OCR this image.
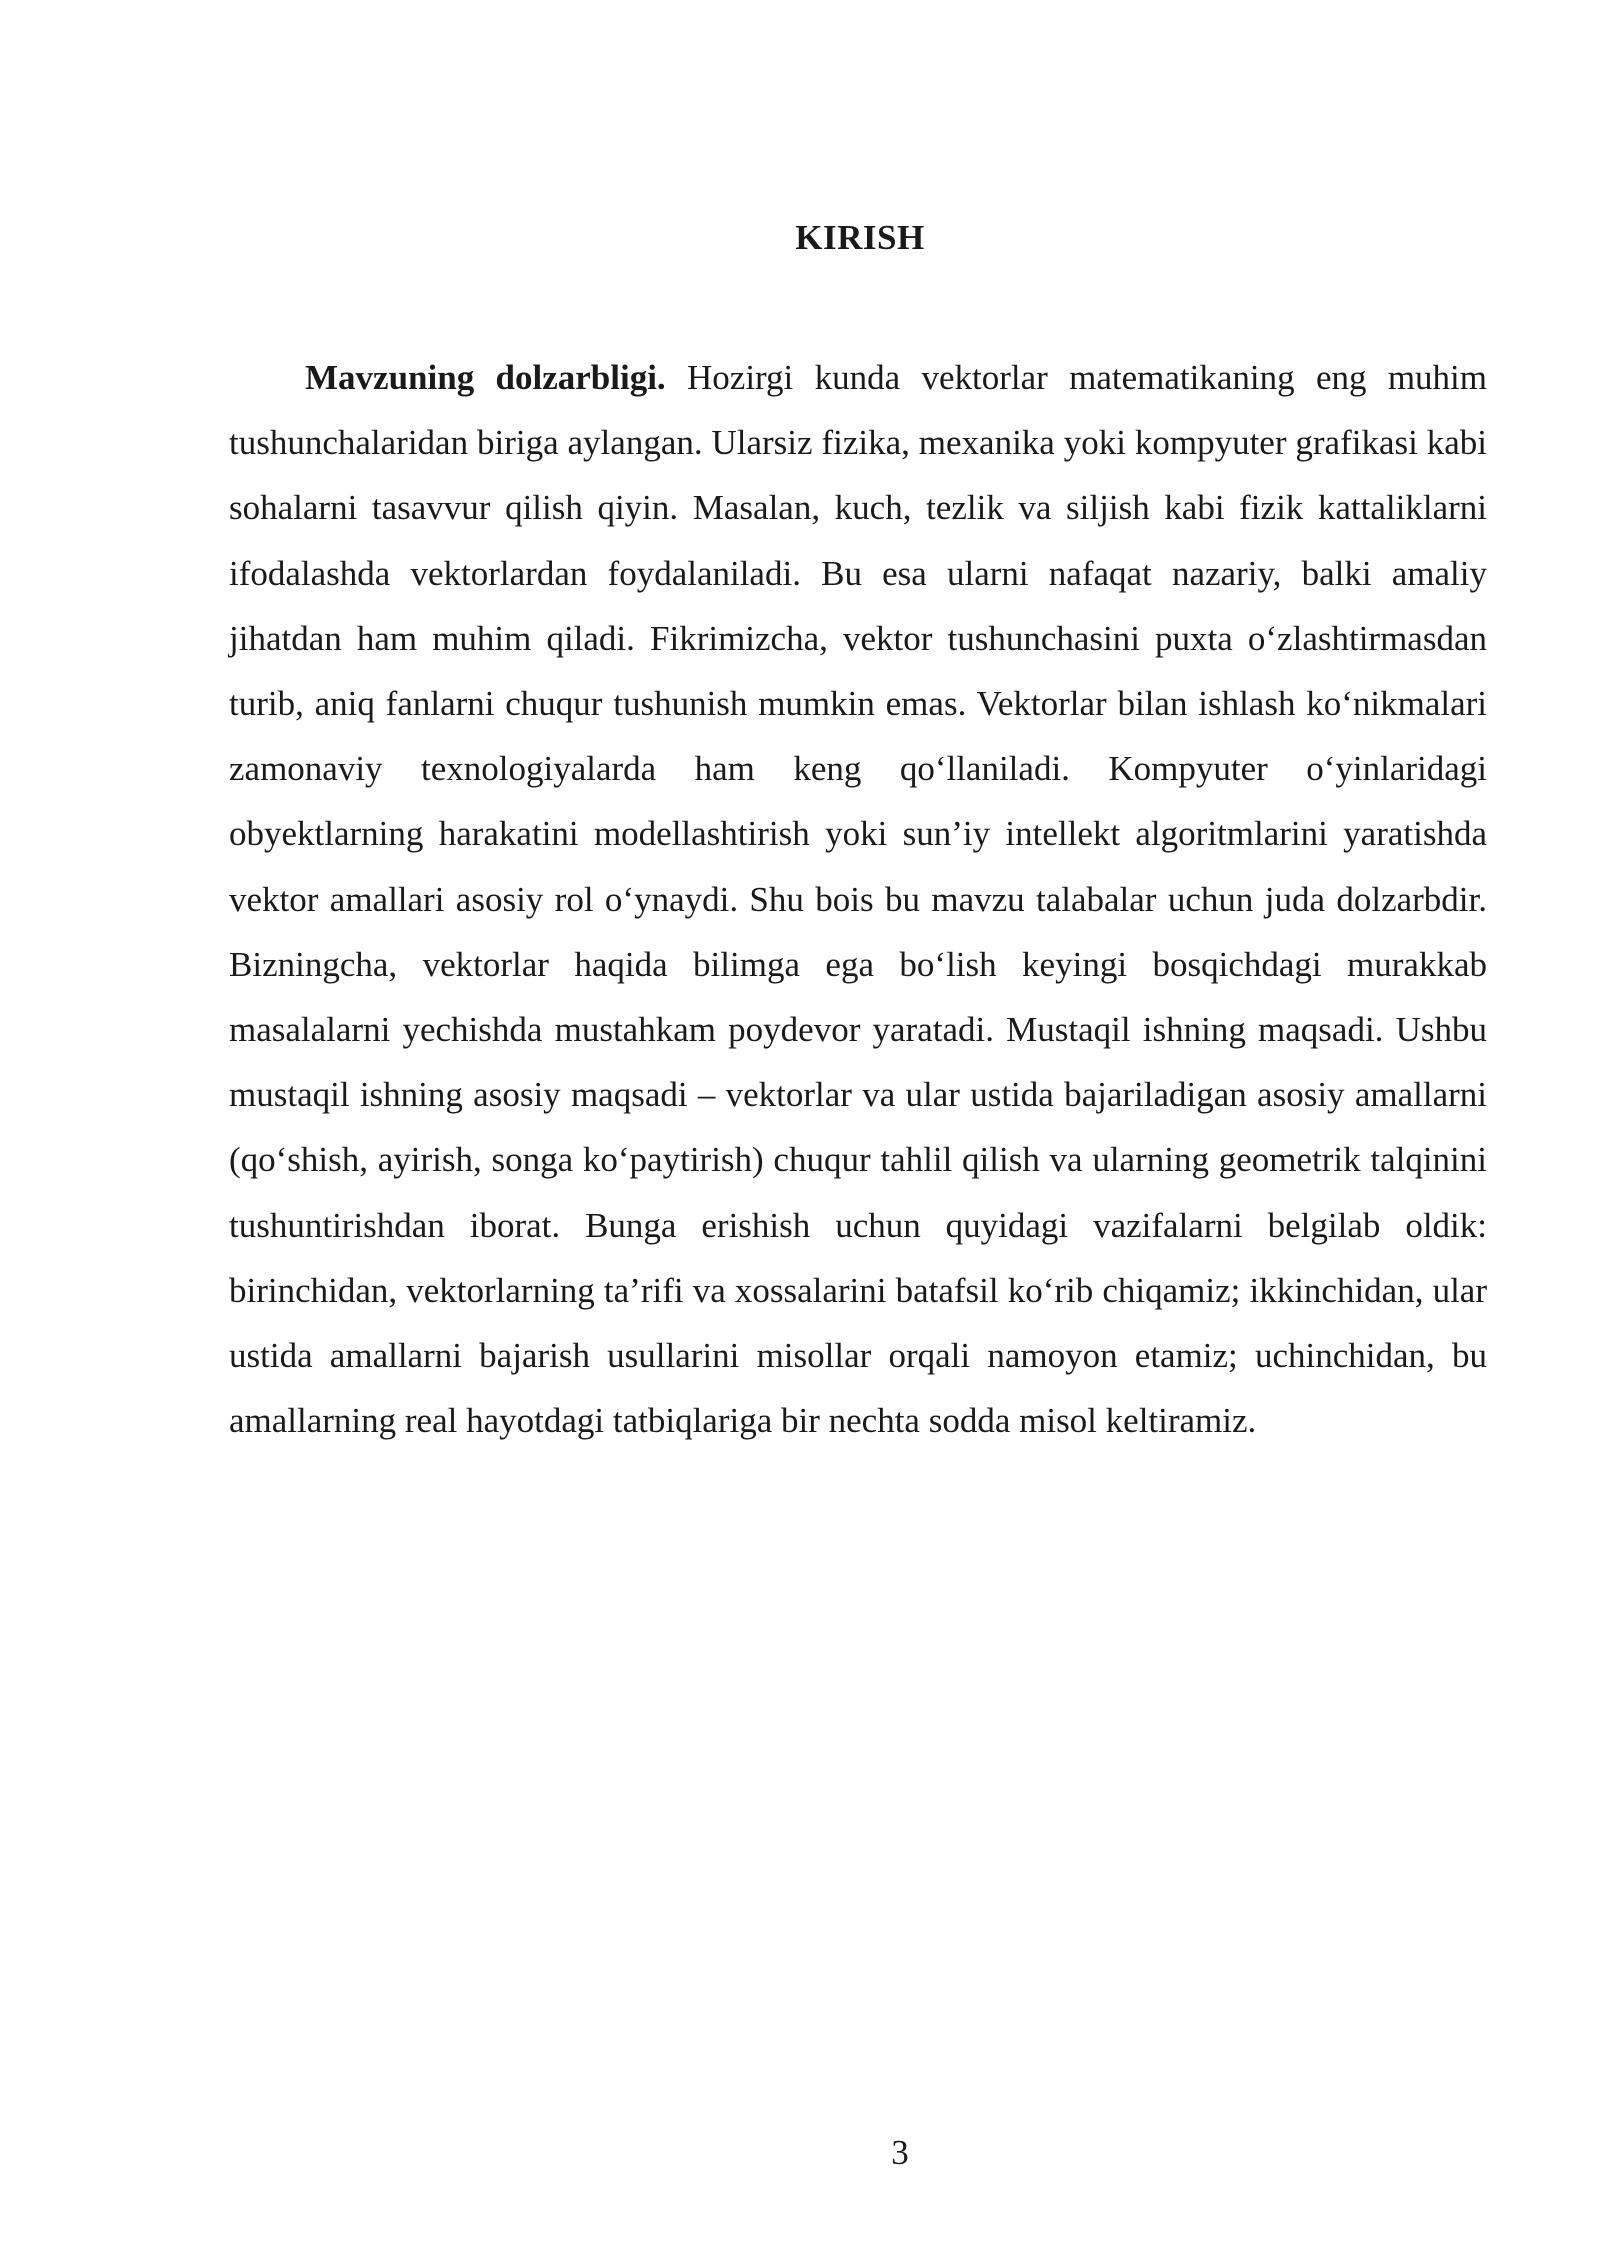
KIRISH

Mavzuning dolzarbligi. Hozirgi kunda vektorlar matematikaning eng muhim tushunchalaridan biriga aylangan. Ularsiz fizika, mexanika yoki kompyuter grafikasi kabi sohalarni tasavvur qilish qiyin. Masalan, kuch, tezlik va siljish kabi fizik kattaliklarni ifodalashda vektorlardan foydalaniladi. Bu esa ularni nafaqat nazariy, balki amaliy jihatdan ham muhim qiladi. Fikrimizcha, vektor tushunchasini puxta o‘zlashtirmasdan turib, aniq fanlarni chuqur tushunish mumkin emas. Vektorlar bilan ishlash ko‘nikmalari zamonaviy texnologiyalarda ham keng qo‘llaniladi. Kompyuter o‘yinlaridagi obyektlarning harakatini modellashtirish yoki sun’iy intellekt algoritmlarini yaratishda vektor amallari asosiy rol o‘ynaydi. Shu bois bu mavzu talabalar uchun juda dolzarbdir. Bizningcha, vektorlar haqida bilimga ega bo‘lish keyingi bosqichdagi murakkab masalalarni yechishda mustahkam poydevor yaratadi. Mustaqil ishning maqsadi. Ushbu mustaqil ishning asosiy maqsadi – vektorlar va ular ustida bajariladigan asosiy amallarni (qo‘shish, ayirish, songa ko‘paytirish) chuqur tahlil qilish va ularning geometrik talqinini tushuntirishdan iborat. Bunga erishish uchun quyidagi vazifalarni belgilab oldik: birinchidan, vektorlarning ta’rifi va xossalarini batafsil ko‘rib chiqamiz; ikkinchidan, ular ustida amallarni bajarish usullarini misollar orqali namoyon etamiz; uchinchidan, bu amallarning real hayotdagi tatbiqlariga bir nechta sodda misol keltiramiz.

3
